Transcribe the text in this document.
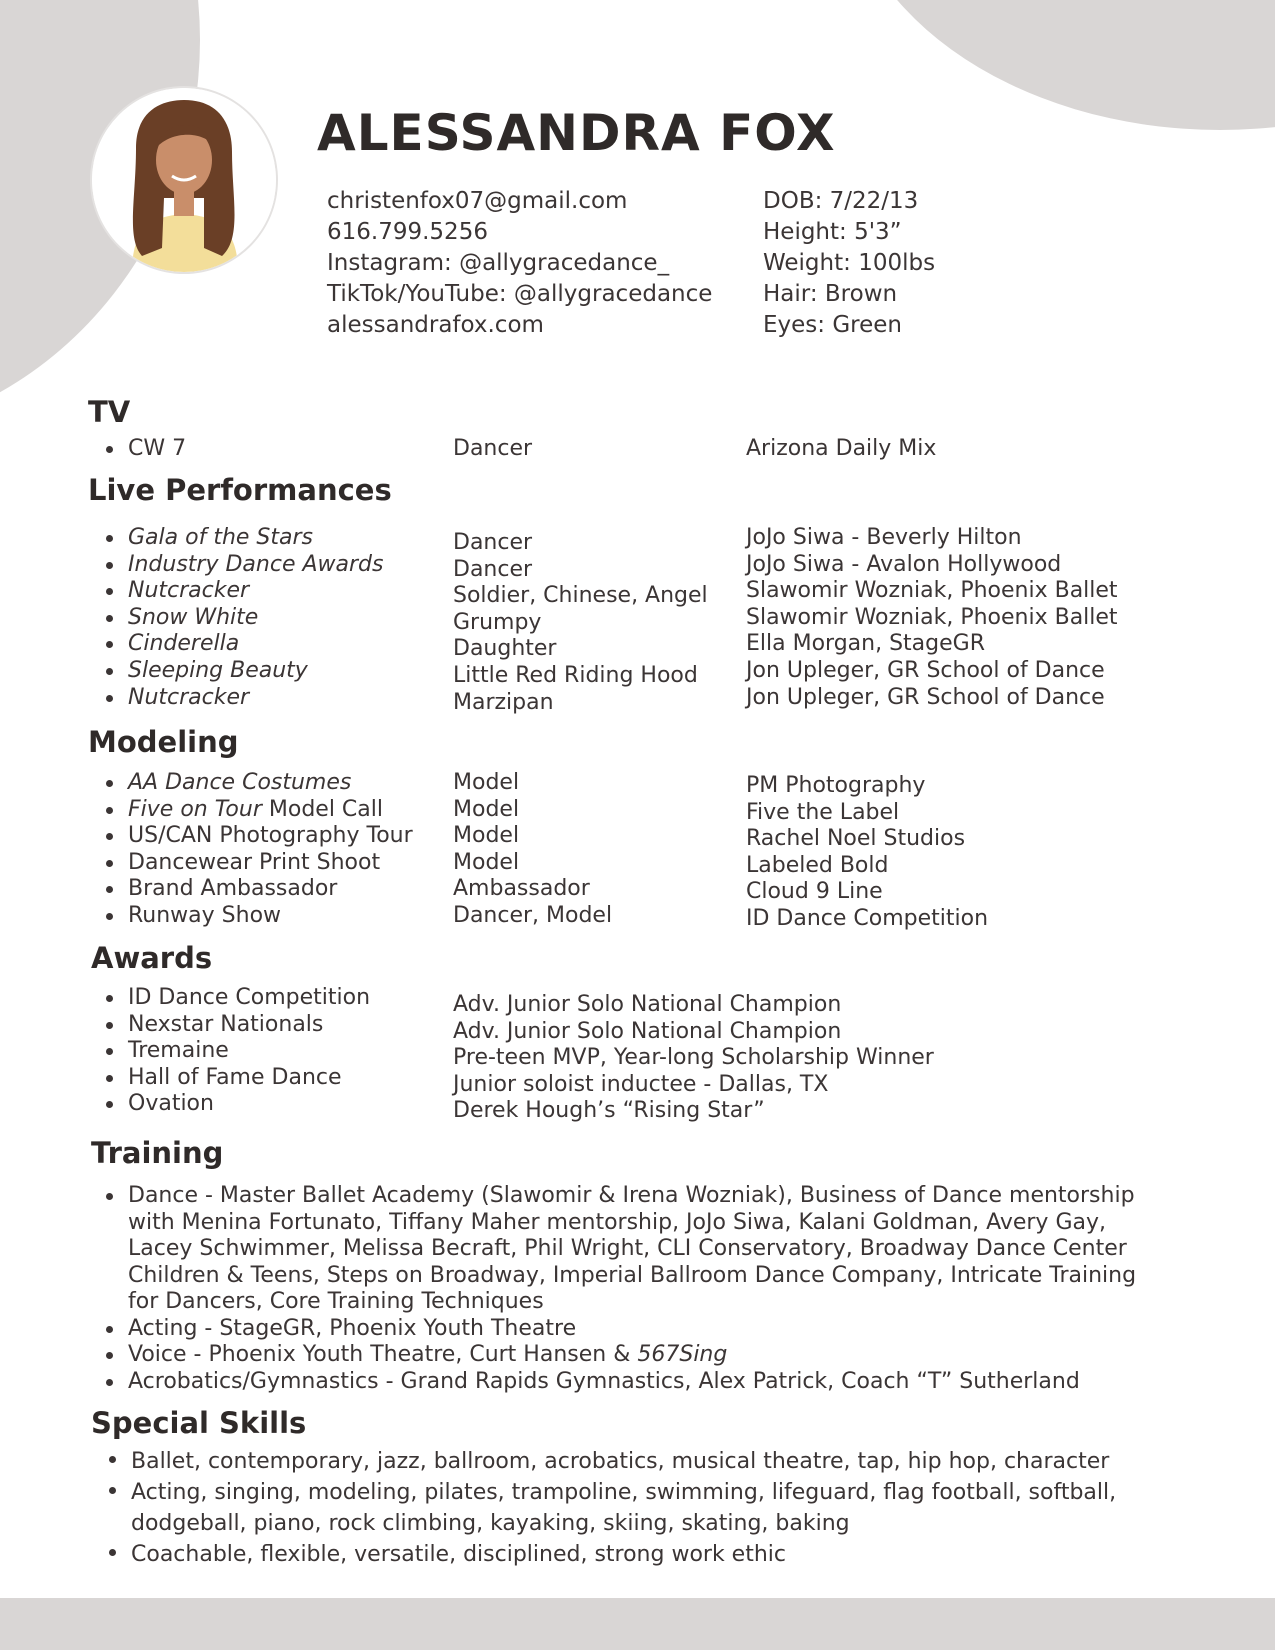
ALESSANDRA FOX
christenfox07@gmail.com
616.799.5256
Instagram: @allygracedance_
TikTok/YouTube: @allygracedance
alessandrafox.com
DOB: 7/22/13
Height: 5'3”
Weight: 100lbs
Hair: Brown
Eyes: Green
TV
CW 7	Dancer	Arizona Daily Mix
Live Performances
Gala of the Stars
Industry Dance Awards
Nutcracker
Snow White
Cinderella
Sleeping Beauty
Nutcracker
Dancer
Dancer
Soldier, Chinese, Angel
Grumpy
Daughter
Little Red Riding Hood
Marzipan
JoJo Siwa - Beverly Hilton
JoJo Siwa - Avalon Hollywood
Slawomir Wozniak, Phoenix Ballet
Slawomir Wozniak, Phoenix Ballet
Ella Morgan, StageGR
Jon Upleger, GR School of Dance
Jon Upleger, GR School of Dance
Modeling
AA Dance Costumes
Five on Tour Model Call
US/CAN Photography Tour
Dancewear Print Shoot
Brand Ambassador
Runway Show
Model
Model
Model
Model
Ambassador
Dancer, Model
PM Photography
Five the Label
Rachel Noel Studios
Labeled Bold
Cloud 9 Line
ID Dance Competition
Awards
ID Dance Competition
Nexstar Nationals
Tremaine
Hall of Fame Dance
Ovation
Adv. Junior Solo National Champion
Adv. Junior Solo National Champion
Pre-teen MVP, Year-long Scholarship Winner
Junior soloist inductee - Dallas, TX
Derek Hough’s “Rising Star”
Training
Dance - Master Ballet Academy (Slawomir & Irena Wozniak), Business of Dance mentorship
with Menina Fortunato, Tiffany Maher mentorship, JoJo Siwa, Kalani Goldman, Avery Gay,
Lacey Schwimmer, Melissa Becraft, Phil Wright, CLI Conservatory, Broadway Dance Center
Children & Teens, Steps on Broadway, Imperial Ballroom Dance Company, Intricate Training
for Dancers, Core Training Techniques
Acting - StageGR, Phoenix Youth Theatre
Voice - Phoenix Youth Theatre, Curt Hansen & 567Sing
Acrobatics/Gymnastics - Grand Rapids Gymnastics, Alex Patrick, Coach “T” Sutherland
Special Skills
Ballet, contemporary, jazz, ballroom, acrobatics, musical theatre, tap, hip hop, character
Acting, singing, modeling, pilates, trampoline, swimming, lifeguard, flag football, softball,
dodgeball, piano, rock climbing, kayaking, skiing, skating, baking
Coachable, flexible, versatile, disciplined, strong work ethic
